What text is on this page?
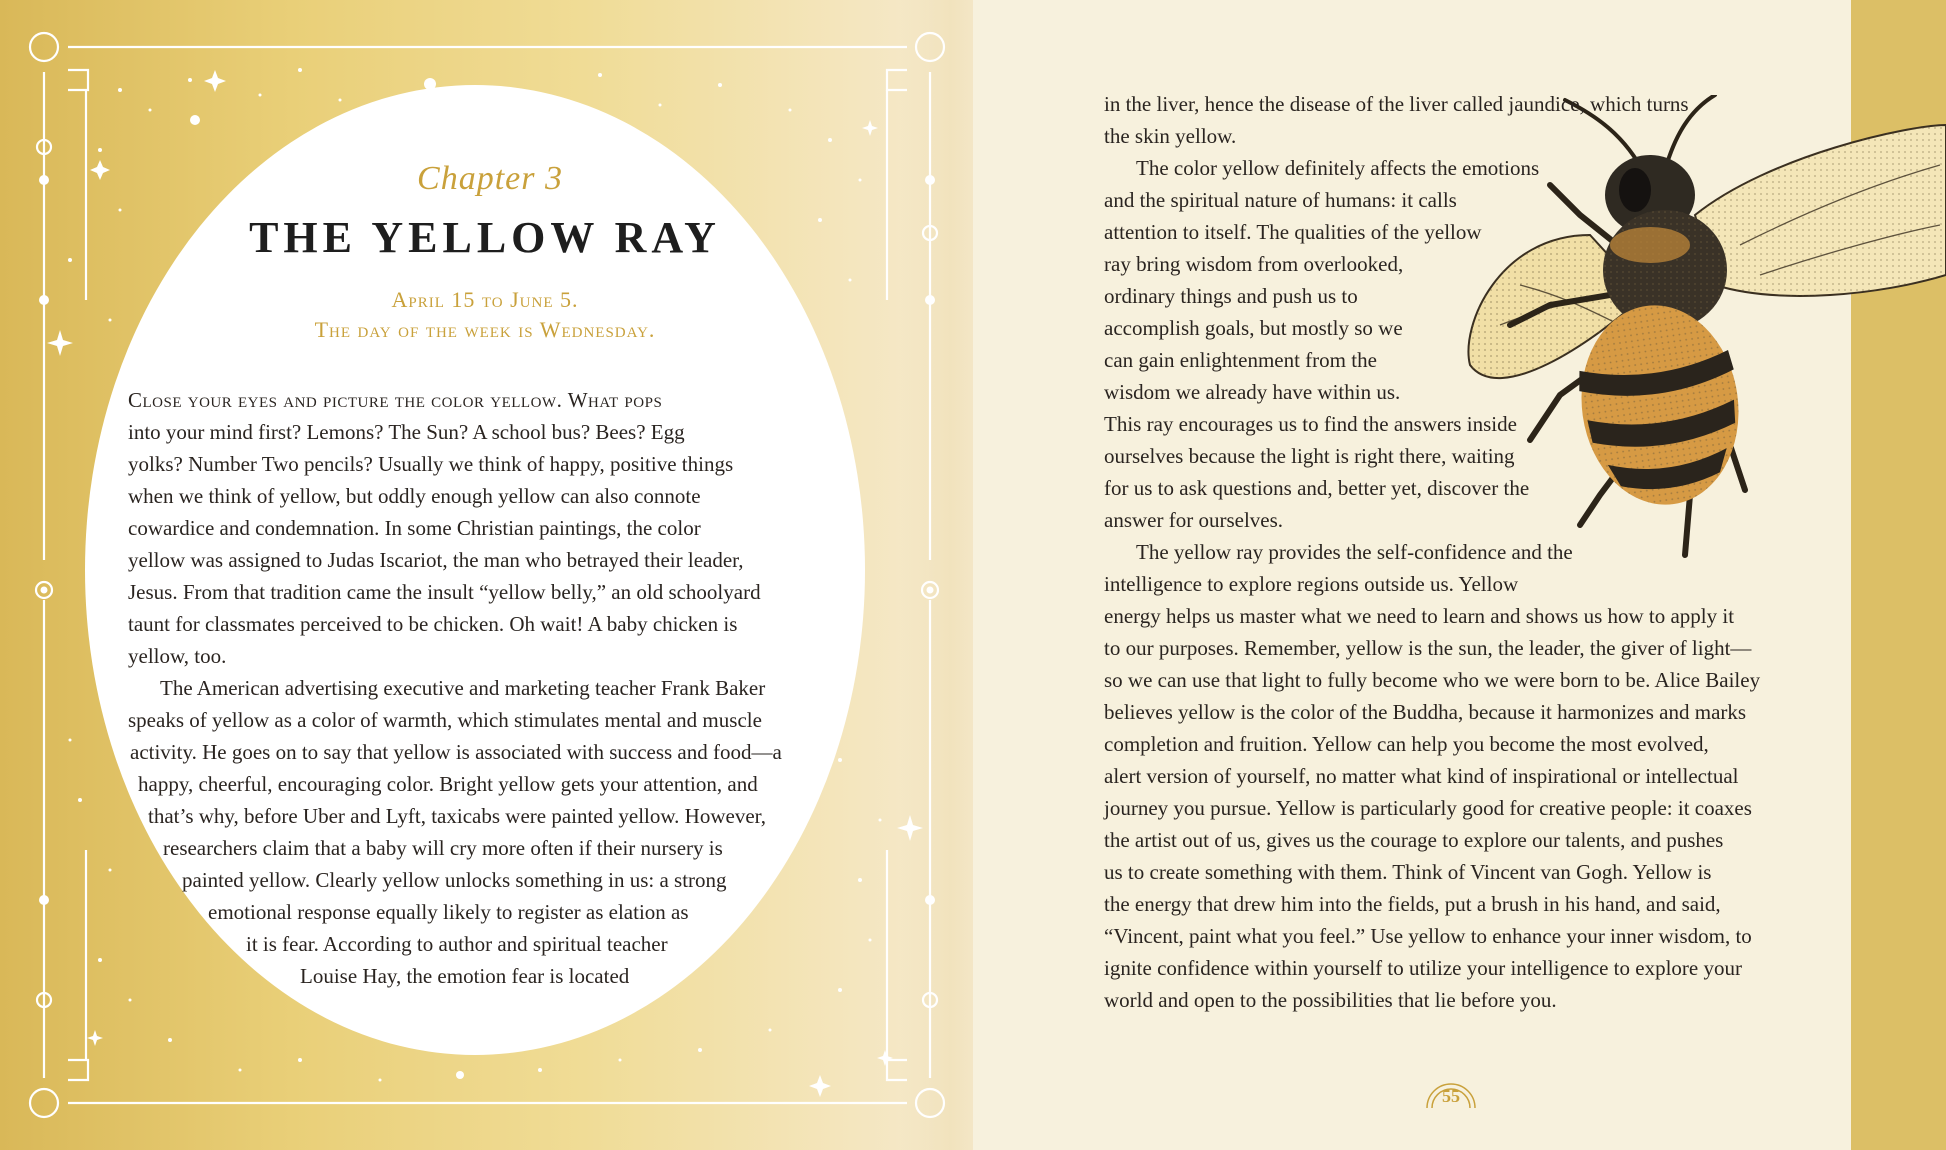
Chapter 3
THE YELLOW RAY
April 15 to June 5.
The day of the week is Wednesday.
Close your eyes and picture the color yellow. What pops
into your mind first? Lemons? The Sun? A school bus? Bees? Egg
yolks? Number Two pencils? Usually we think of happy, positive things
when we think of yellow, but oddly enough yellow can also connote
cowardice and condemnation. In some Christian paintings, the color
yellow was assigned to Judas Iscariot, the man who betrayed their leader,
Jesus. From that tradition came the insult “yellow belly,” an old schoolyard
taunt for classmates perceived to be chicken. Oh wait! A baby chicken is
yellow, too.
The American advertising executive and marketing teacher Frank Baker
speaks of yellow as a color of warmth, which stimulates mental and muscle
activity. He goes on to say that yellow is associated with success and food—a
happy, cheerful, encouraging color. Bright yellow gets your attention, and
that’s why, before Uber and Lyft, taxicabs were painted yellow. However,
researchers claim that a baby will cry more often if their nursery is
painted yellow. Clearly yellow unlocks something in us: a strong
emotional response equally likely to register as elation as
it is fear. According to author and spiritual teacher
Louise Hay, the emotion fear is located
in the liver, hence the disease of the liver called jaundice, which turns
the skin yellow.
The color yellow definitely affects the emotions
and the spiritual nature of humans: it calls
attention to itself. The qualities of the yellow
ray bring wisdom from overlooked,
ordinary things and push us to
accomplish goals, but mostly so we
can gain enlightenment from the
wisdom we already have within us.
This ray encourages us to find the answers inside
ourselves because the light is right there, waiting
for us to ask questions and, better yet, discover the
answer for ourselves.
The yellow ray provides the self-confidence and the
intelligence to explore regions outside us. Yellow
energy helps us master what we need to learn and shows us how to apply it
to our purposes. Remember, yellow is the sun, the leader, the giver of light—
so we can use that light to fully become who we were born to be. Alice Bailey
believes yellow is the color of the Buddha, because it harmonizes and marks
completion and fruition. Yellow can help you become the most evolved,
alert version of yourself, no matter what kind of inspirational or intellectual
journey you pursue. Yellow is particularly good for creative people: it coaxes
the artist out of us, gives us the courage to explore our talents, and pushes
us to create something with them. Think of Vincent van Gogh. Yellow is
the energy that drew him into the fields, put a brush in his hand, and said,
“Vincent, paint what you feel.” Use yellow to enhance your inner wisdom, to
ignite confidence within yourself to utilize your intelligence to explore your
world and open to the possibilities that lie before you.
55
